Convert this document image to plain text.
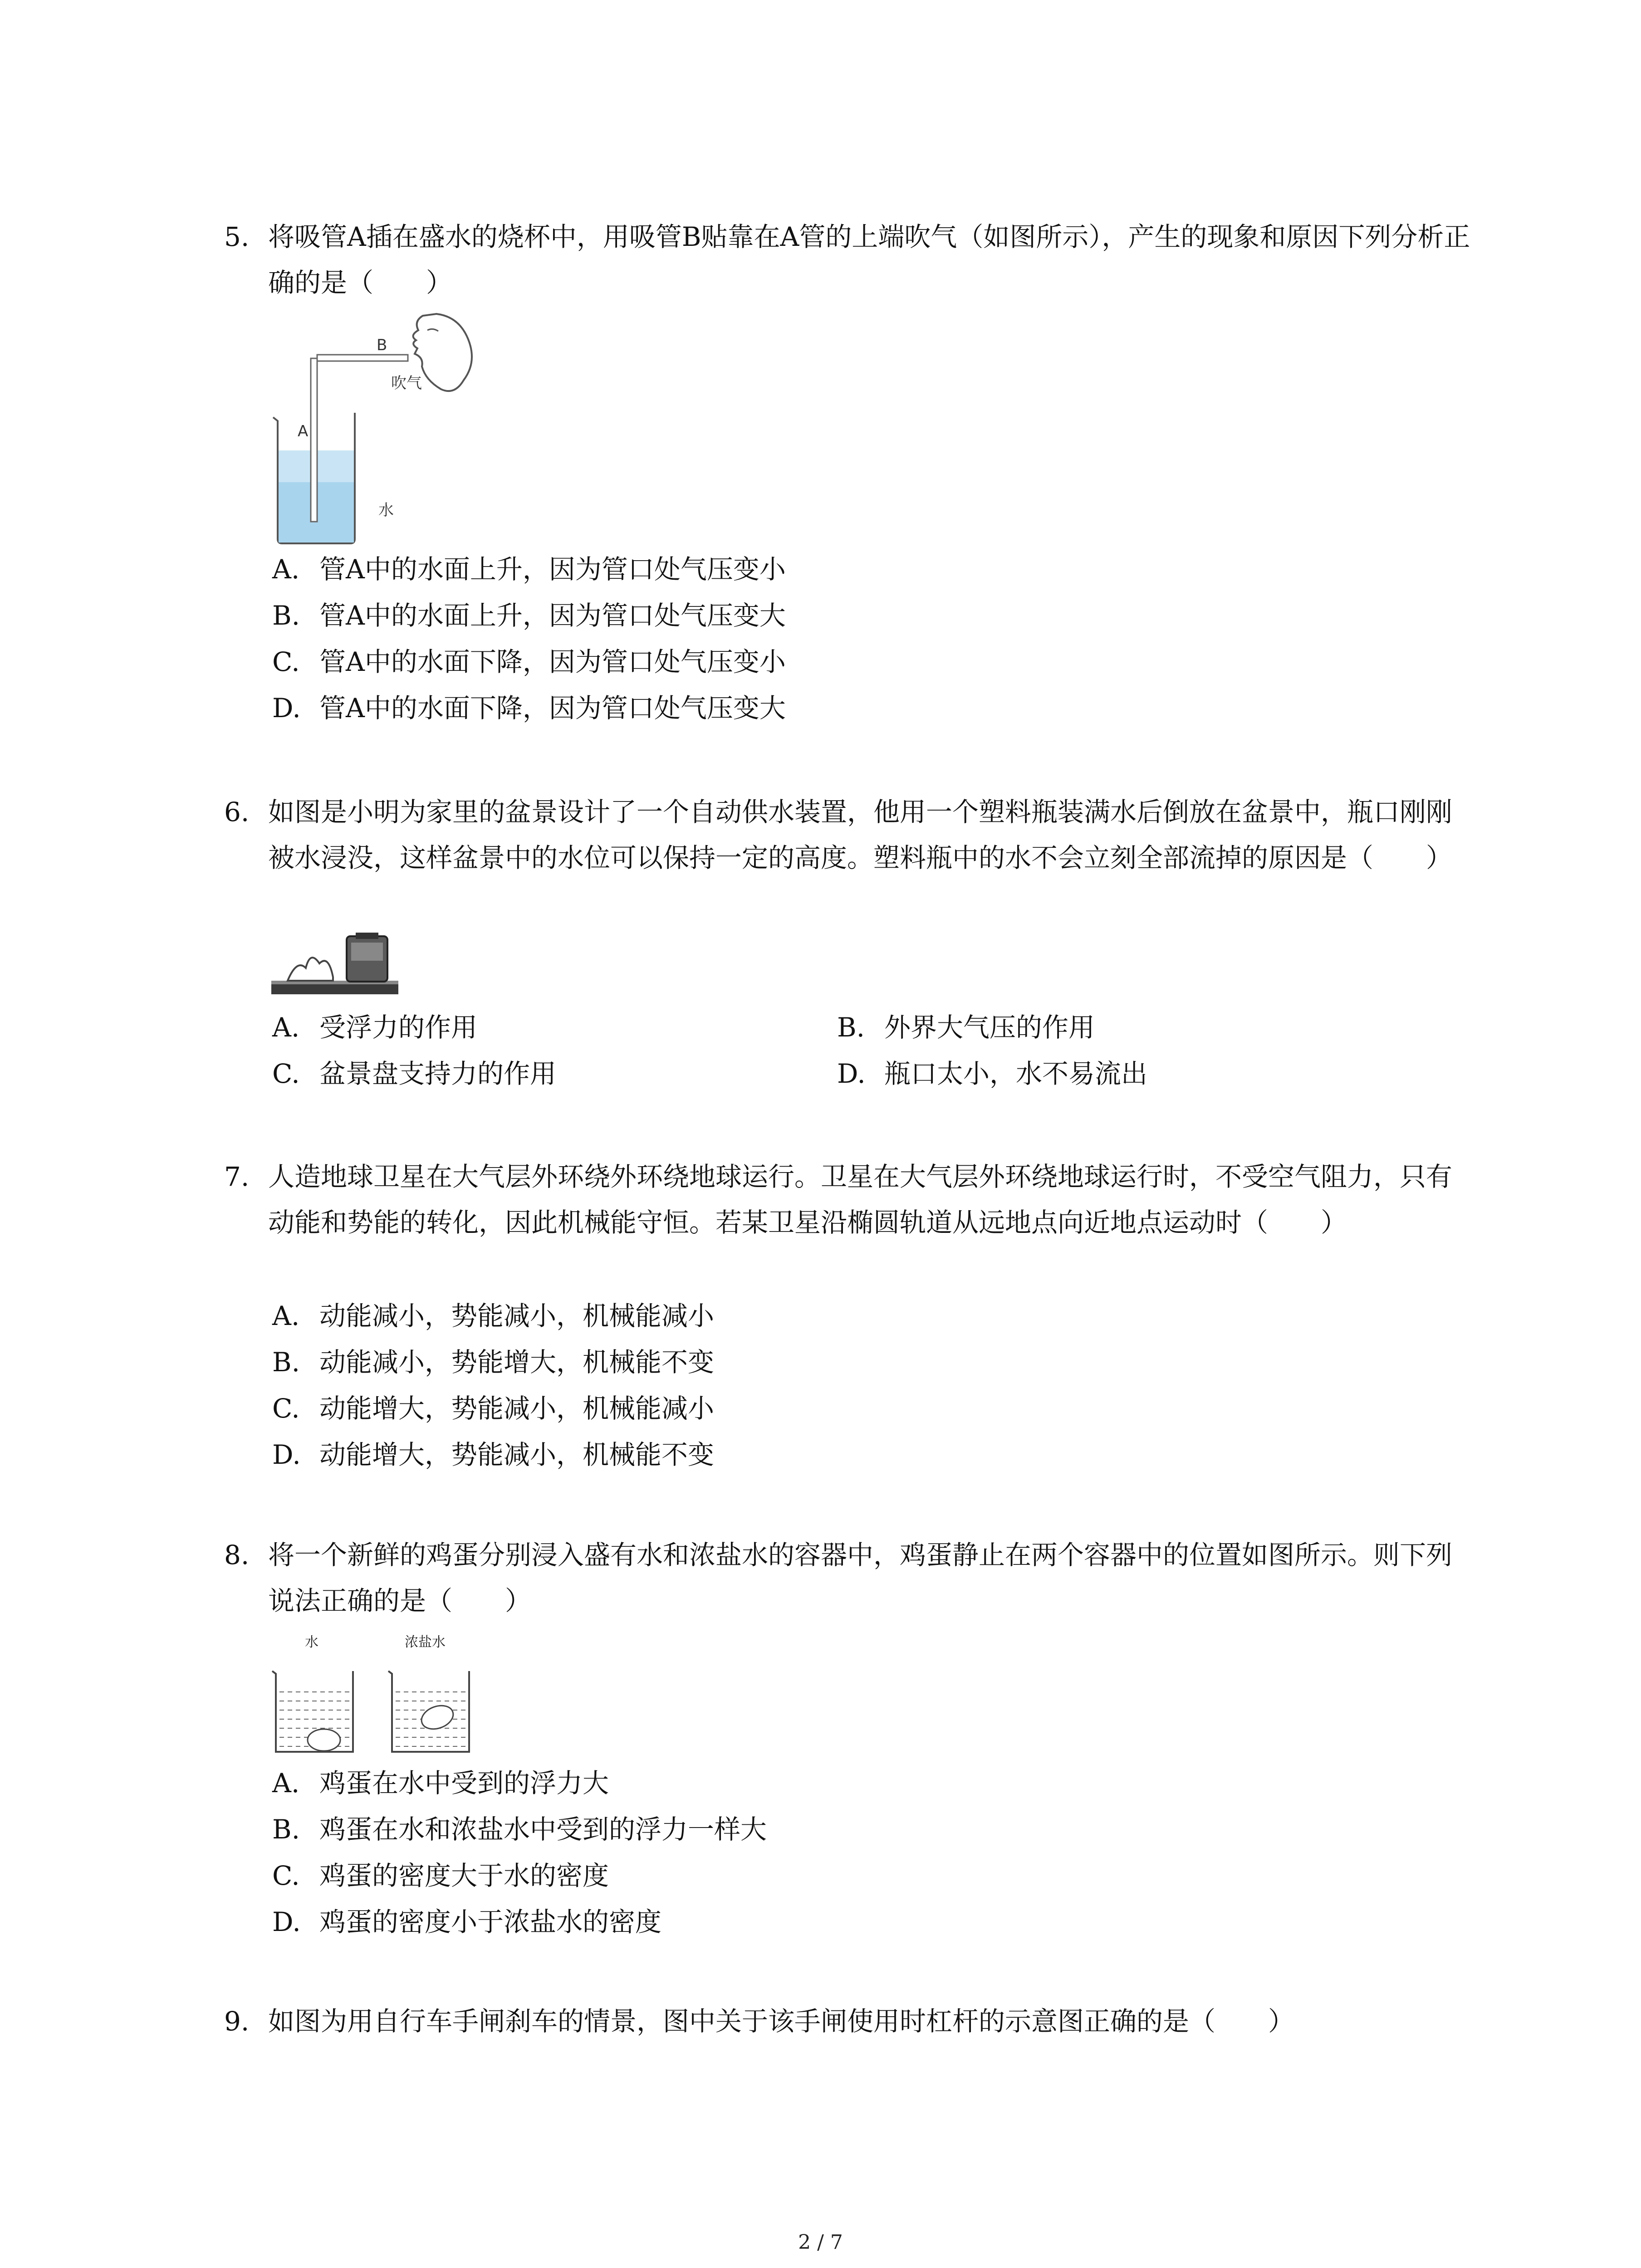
5. 将吸管A插在盛水的烧杯中，用吸管B贴靠在A管的上端吹气（如图所示），产生的现象和原因下列分析正确的是（　　）
B
吹气
A
水
A. 管A中的水面上升，因为管口处气压变小
B. 管A中的水面上升，因为管口处气压变大
C. 管A中的水面下降，因为管口处气压变小
D. 管A中的水面下降，因为管口处气压变大
6. 如图是小明为家里的盆景设计了一个自动供水装置，他用一个塑料瓶装满水后倒放在盆景中，瓶口刚刚被水浸没，这样盆景中的水位可以保持一定的高度。塑料瓶中的水不会立刻全部流掉的原因是（　　）
A. 受浮力的作用	B. 外界大气压的作用
C. 盆景盘支持力的作用	D. 瓶口太小，水不易流出
7. 人造地球卫星在大气层外环绕外环绕地球运行。卫星在大气层外环绕地球运行时，不受空气阻力，只有动能和势能的转化，因此机械能守恒。若某卫星沿椭圆轨道从远地点向近地点运动时（　　）
A. 动能减小，势能减小，机械能减小
B. 动能减小，势能增大，机械能不变
C. 动能增大，势能减小，机械能减小
D. 动能增大，势能减小，机械能不变
8. 将一个新鲜的鸡蛋分别浸入盛有水和浓盐水的容器中，鸡蛋静止在两个容器中的位置如图所示。则下列说法正确的是（　　）
水	浓盐水
A. 鸡蛋在水中受到的浮力大
B. 鸡蛋在水和浓盐水中受到的浮力一样大
C. 鸡蛋的密度大于水的密度
D. 鸡蛋的密度小于浓盐水的密度
9. 如图为用自行车手闸刹车的情景，图中关于该手闸使用时杠杆的示意图正确的是（　　）
2 / 7
